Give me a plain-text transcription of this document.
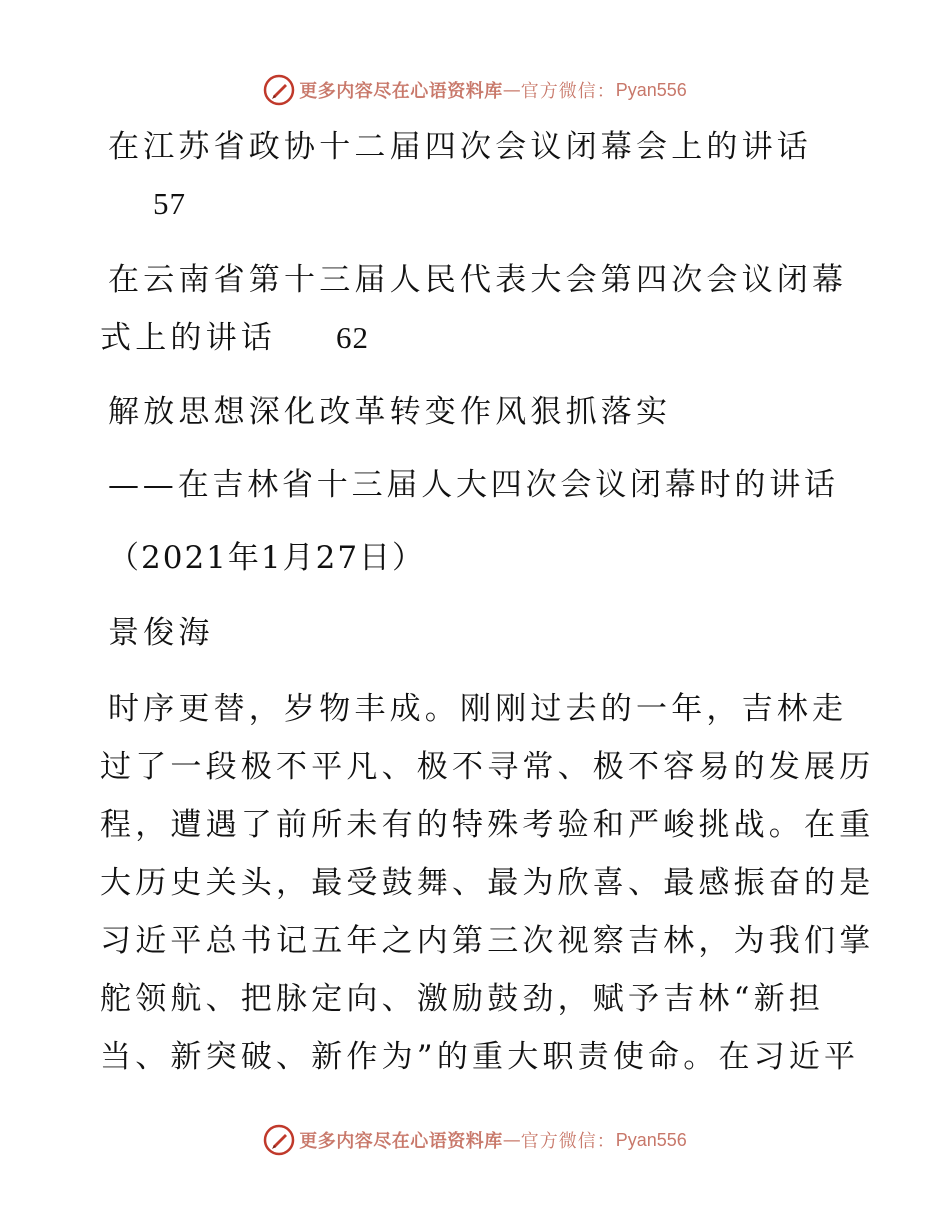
更多内容尽在心语资料库 — 官方微信： Pyan556
在江苏省政协十二届四次会议闭幕会上的讲话
57
在云南省第十三届人民代表大会第四次会议闭幕
式上的讲话 62
解放思想深化改革转变作风狠抓落实
——在吉林省十三届人大四次会议闭幕时的讲话
（2021年1月27日）
景俊海
时序更替，岁物丰成。刚刚过去的一年，吉林走
过了一段极不平凡、极不寻常、极不容易的发展历
程，遭遇了前所未有的特殊考验和严峻挑战。在重
大历史关头，最受鼓舞、最为欣喜、最感振奋的是
习近平总书记五年之内第三次视察吉林，为我们掌
舵领航、把脉定向、激励鼓劲，赋予吉林“新担
当、新突破、新作为”的重大职责使命。在习近平
更多内容尽在心语资料库 — 官方微信： Pyan556
